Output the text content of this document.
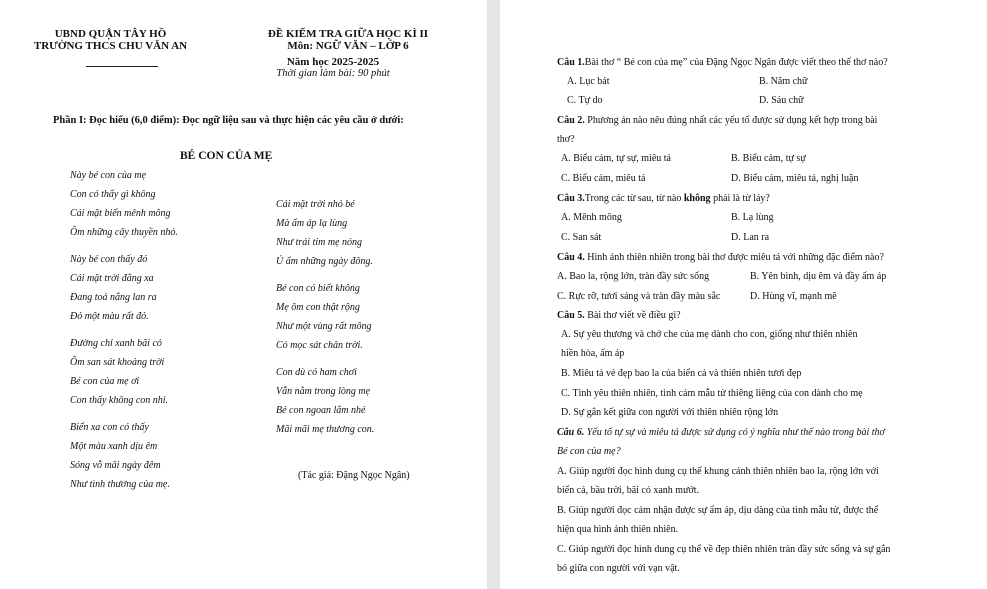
UBND QUẬN TÂY HỒ
TRƯỜNG THCS CHU VĂN AN
ĐỀ KIỂM TRA GIỮA HỌC KÌ II
Môn: NGỮ VĂN – LỚP 6
Năm học 2025-2025
Thời gian làm bài: 90 phút
Phần I: Đọc hiểu (6,0 điểm): Đọc ngữ liệu sau và thực hiện các yêu cầu ở dưới:
BÉ CON CỦA MẸ
Này bé con của mẹ
Con có thấy gì không
Cái mặt biển mênh mông
Ôm những cây thuyền nhỏ.
Này bé con thấy đó
Cái mặt trời đằng xa
Đang toả nắng lan ra
Đỏ một màu rất đỏ.
Đường chỉ xanh bãi cỏ
Ôm san sát khoảng trời
Bé con của mẹ ơi
Con thấy không con nhỉ.
Biển xa con có thấy
Một màu xanh dịu êm
Sóng vỗ mãi ngày đêm
Như tình thương của mẹ.
Cái mặt trời nhỏ bé
Mà ấm áp lạ lùng
Như trái tim mẹ nóng
Ủ ấm những ngày đông.
Bé con có biết không
Mẹ ôm con thật rộng
Như một vùng rất mông
Cỏ mọc sát chân trời.
Con dù có ham chơi
Vẫn nằm trong lòng mẹ
Bé con ngoan lắm nhé
Mãi mãi mẹ thương con.
(Tác giả: Đặng Ngọc Ngân)
Câu 1.Bài thơ “ Bé con của mẹ” của Đặng Ngọc Ngân được viết theo thể thơ nào?
A. Lục bát	B. Năm chữ
C. Tự do	D. Sáu chữ
Câu 2. Phương án nào nêu đúng nhất các yếu tố được sử dụng kết hợp trong bài
thơ?
A. Biểu cảm, tự sự, miêu tả	B. Biểu cảm, tự sự
C. Biểu cảm, miêu tả	D. Biểu cảm, miêu tả, nghị luận
Câu 3.Trong các từ sau, từ nào không phải là từ láy?
A. Mênh mông	B. Lạ lùng
C. San sát	D. Lan ra
Câu 4. Hình ảnh thiên nhiên trong bài thơ được miêu tả với những đặc điểm nào?
A. Bao la, rộng lớn, tràn đầy sức sống	B. Yên bình, dịu êm và đầy ấm áp
C. Rực rỡ, tươi sáng và tràn đầy màu sắc	D. Hùng vĩ, mạnh mẽ
Câu 5. Bài thơ viết về điều gì?
A. Sự yêu thương và chở che của mẹ dành cho con, giống như thiên nhiên
hiền hòa, ấm áp
B. Miêu tả vẻ đẹp bao la của biển cả và thiên nhiên tươi đẹp
C. Tình yêu thiên nhiên, tình cảm mẫu tử thiêng liêng của con dành cho mẹ
D. Sự gắn kết giữa con người với thiên nhiên rộng lớn
Câu 6. Yếu tố tự sự và miêu tả được sử dụng có ý nghĩa như thế nào trong bài thơ
Bé con của mẹ?
A. Giúp người đọc hình dung cụ thể khung cảnh thiên nhiên bao la, rộng lớn với
biển cả, bầu trời, bãi cỏ xanh mướt.
B. Giúp người đọc cảm nhận được sự ấm áp, dịu dàng của tình mẫu tử, được thể
hiện qua hình ảnh thiên nhiên.
C. Giúp người đọc hình dung cụ thể về đẹp thiên nhiên tràn đầy sức sống và sự gắn
bó giữa con người với vạn vật.
